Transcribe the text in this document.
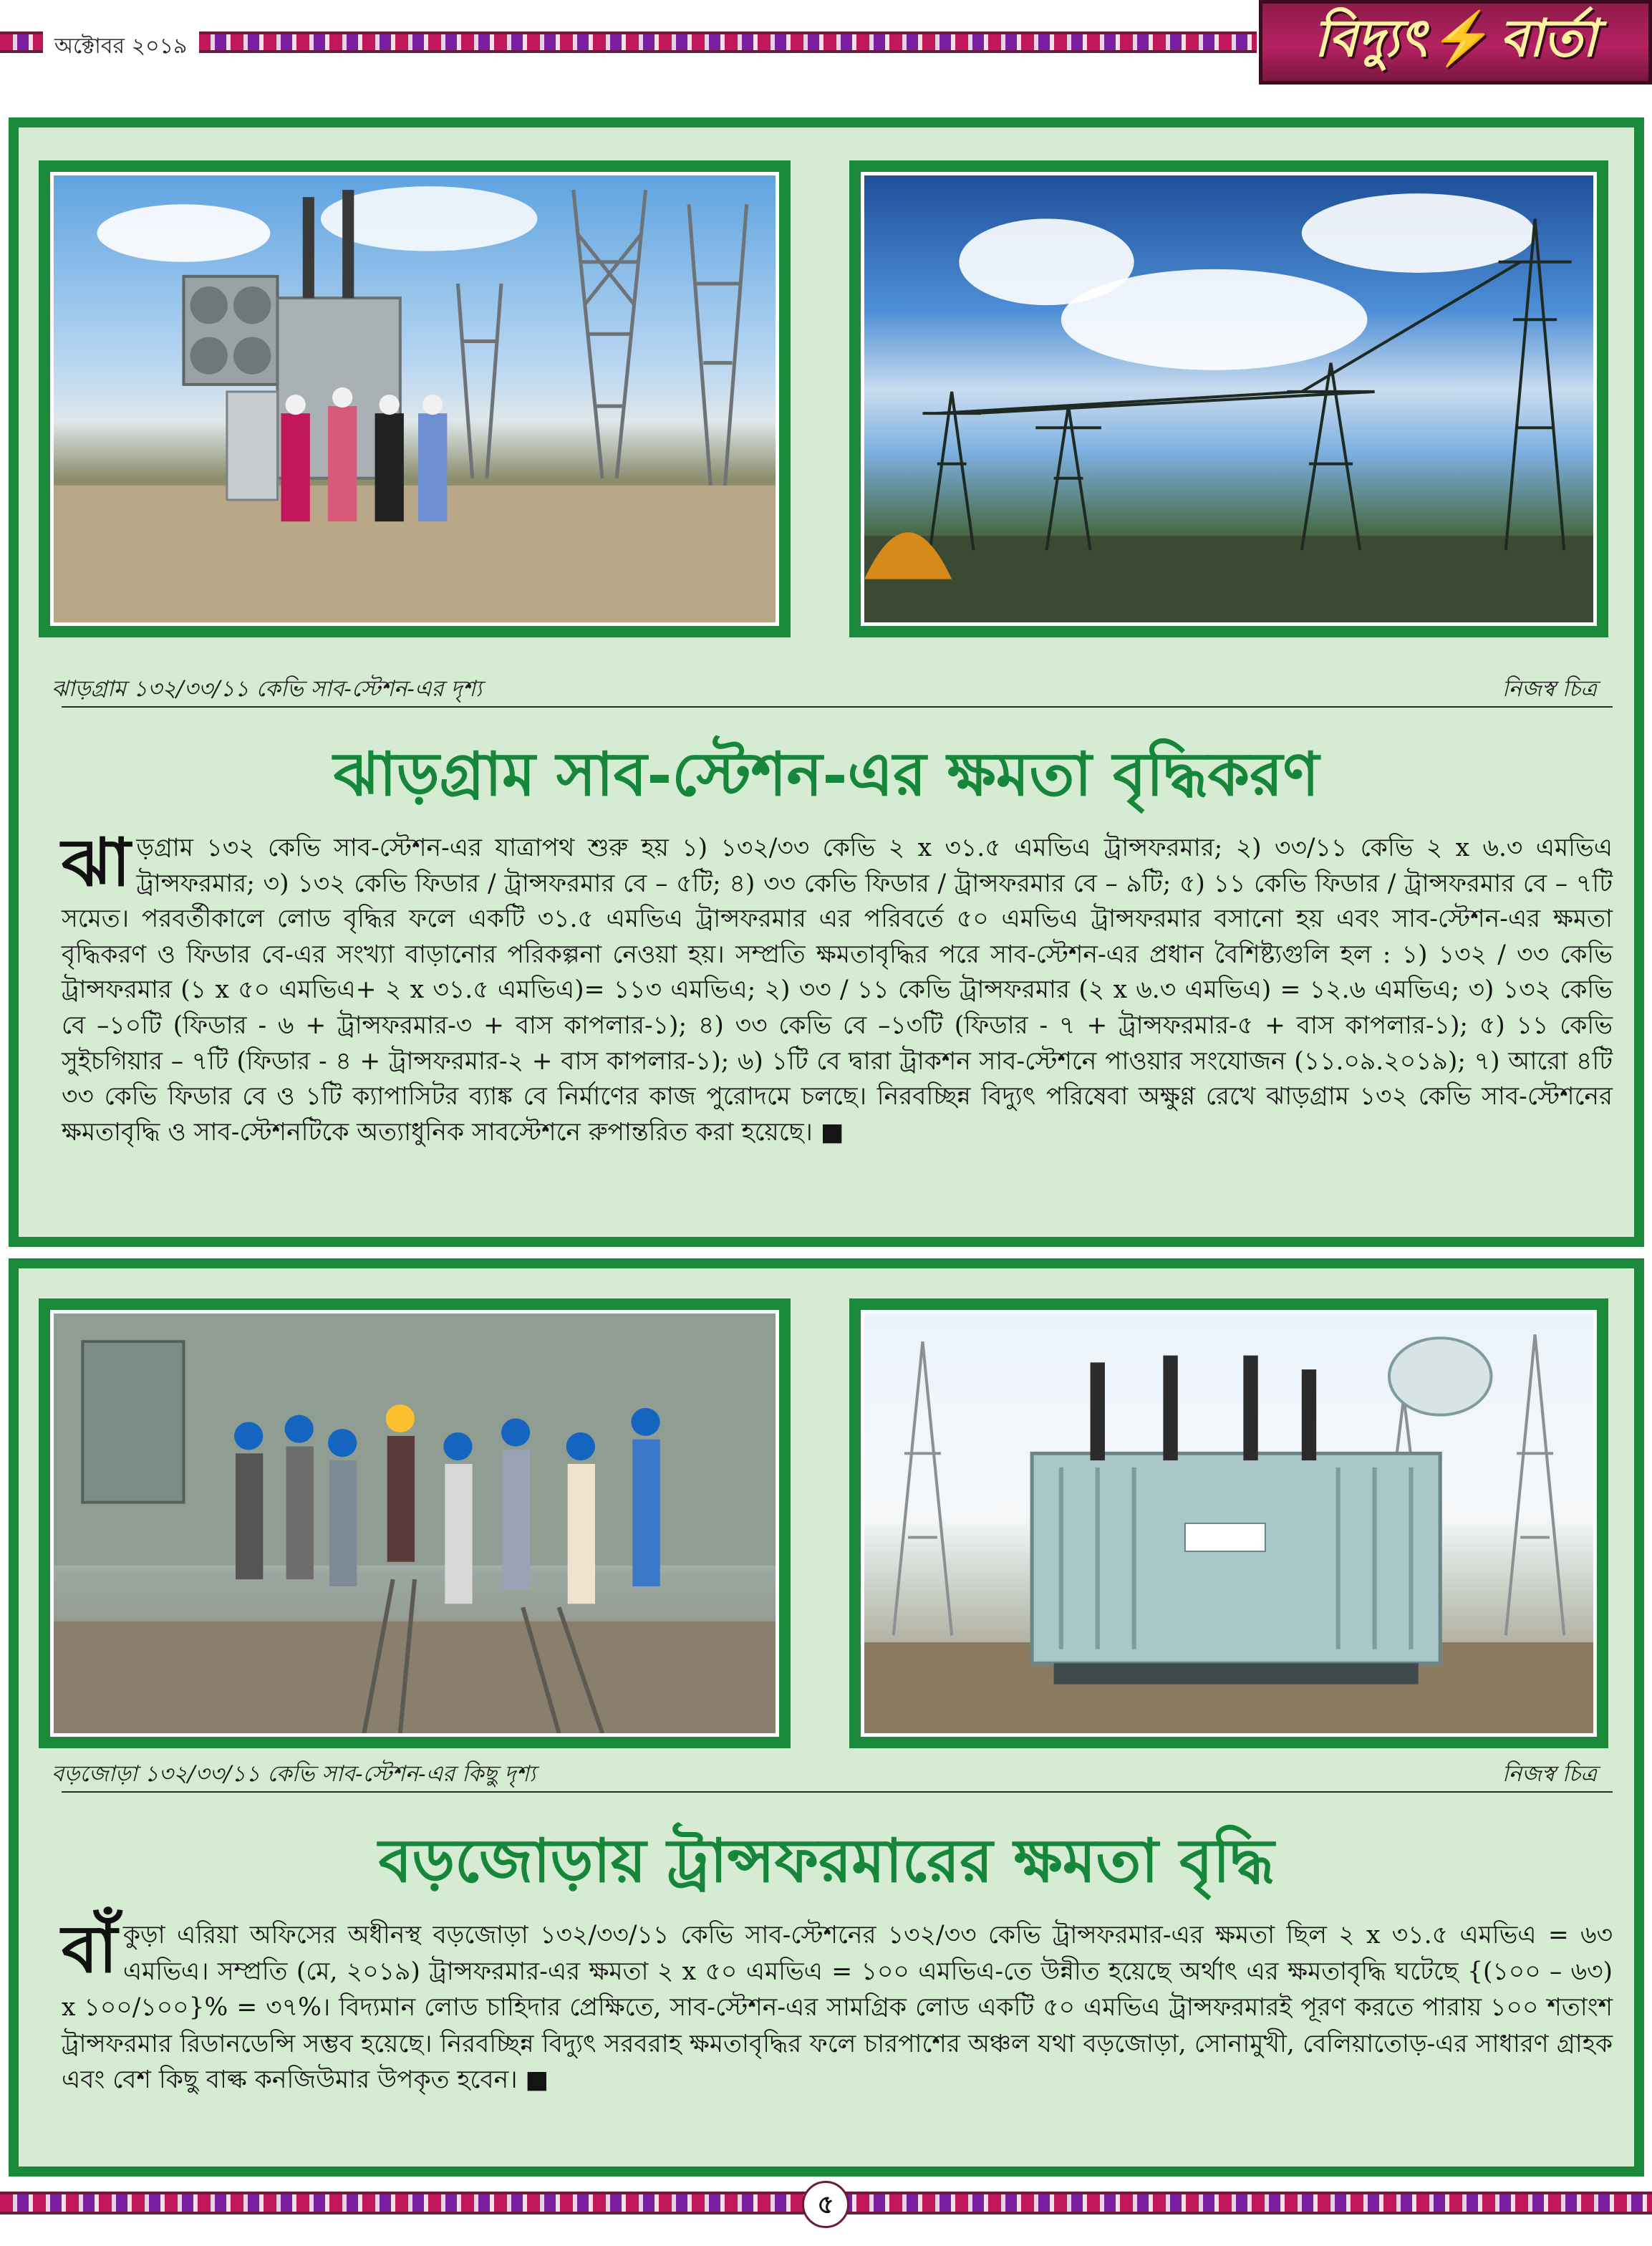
অক্টোবর ২০১৯	বিদ্যুৎ⚡বার্তা
ঝাড়গ্রাম ১৩২/৩৩/১১ কেভি সাব-স্টেশন-এর দৃশ্য	নিজস্ব চিত্র
ঝাড়গ্রাম সাব-স্টেশন-এর ক্ষমতা বৃদ্ধিকরণ
ঝাড়গ্রাম ১৩২ কেভি সাব-স্টেশন-এর যাত্রাপথ শুরু হয় ১) ১৩২/৩৩ কেভি ২ x ৩১.৫ এমভিএ ট্রান্সফরমার; ২) ৩৩/১১ কেভি ২ x ৬.৩ এমভিএ ট্রান্সফরমার; ৩) ১৩২ কেভি ফিডার / ট্রান্সফরমার বে – ৫টি; ৪) ৩৩ কেভি ফিডার / ট্রান্সফরমার বে – ৯টি; ৫) ১১ কেভি ফিডার / ট্রান্সফরমার বে – ৭টি সমেত। পরবর্তীকালে লোড বৃদ্ধির ফলে একটি ৩১.৫ এমভিএ ট্রান্সফরমার এর পরিবর্তে ৫০ এমভিএ ট্রান্সফরমার বসানো হয় এবং সাব-স্টেশন-এর ক্ষমতা বৃদ্ধিকরণ ও ফিডার বে-এর সংখ্যা বাড়ানোর পরিকল্পনা নেওয়া হয়। সম্প্রতি ক্ষমতাবৃদ্ধির পরে সাব-স্টেশন-এর প্রধান বৈশিষ্ট্যগুলি হল : ১) ১৩২ / ৩৩ কেভি ট্রান্সফরমার (১ x ৫০ এমভিএ+ ২ x ৩১.৫ এমভিএ)= ১১৩ এমভিএ; ২) ৩৩ / ১১ কেভি ট্রান্সফরমার (২ x ৬.৩ এমভিএ) = ১২.৬ এমভিএ; ৩) ১৩২ কেভি বে –১০টি (ফিডার - ৬ + ট্রান্সফরমার-৩ + বাস কাপলার-১); ৪) ৩৩ কেভি বে –১৩টি (ফিডার - ৭ + ট্রান্সফরমার-৫ + বাস কাপলার-১); ৫) ১১ কেভি সুইচগিয়ার – ৭টি (ফিডার - ৪ + ট্রান্সফরমার-২ + বাস কাপলার-১); ৬) ১টি বে দ্বারা ট্রাকশন সাব-স্টেশনে পাওয়ার সংযোজন (১১.০৯.২০১৯); ৭) আরো ৪টি ৩৩ কেভি ফিডার বে ও ১টি ক্যাপাসিটর ব্যাঙ্ক বে নির্মাণের কাজ পুরোদমে চলছে। নিরবচ্ছিন্ন বিদ্যুৎ পরিষেবা অক্ষুণ্ণ রেখে ঝাড়গ্রাম ১৩২ কেভি সাব-স্টেশনের ক্ষমতাবৃদ্ধি ও সাব-স্টেশনটিকে অত্যাধুনিক সাবস্টেশনে রুপান্তরিত করা হয়েছে। ■
বড়জোড়া ১৩২/৩৩/১১ কেভি সাব-স্টেশন-এর কিছু দৃশ্য	নিজস্ব চিত্র
বড়জোড়ায় ট্রান্সফরমারের ক্ষমতা বৃদ্ধি
বাঁকুড়া এরিয়া অফিসের অধীনস্থ বড়জোড়া ১৩২/৩৩/১১ কেভি সাব-স্টেশনের ১৩২/৩৩ কেভি ট্রান্সফরমার-এর ক্ষমতা ছিল ২ x ৩১.৫ এমভিএ = ৬৩ এমভিএ। সম্প্রতি (মে, ২০১৯) ট্রান্সফরমার-এর ক্ষমতা ২ x ৫০ এমভিএ = ১০০ এমভিএ-তে উন্নীত হয়েছে অর্থাৎ এর ক্ষমতাবৃদ্ধি ঘটেছে {(১০০ – ৬৩) x ১০০/১০০}% = ৩৭%। বিদ্যমান লোড চাহিদার প্রেক্ষিতে, সাব-স্টেশন-এর সামগ্রিক লোড একটি ৫০ এমভিএ ট্রান্সফরমারই পূরণ করতে পারায় ১০০ শতাংশ ট্রান্সফরমার রিডানডেন্সি সম্ভব হয়েছে। নিরবচ্ছিন্ন বিদ্যুৎ সরবরাহ ক্ষমতাবৃদ্ধির ফলে চারপাশের অঞ্চল যথা বড়জোড়া, সোনামুখী, বেলিয়াতোড়-এর সাধারণ গ্রাহক এবং বেশ কিছু বাল্ক কনজিউমার উপকৃত হবেন। ■
৫
